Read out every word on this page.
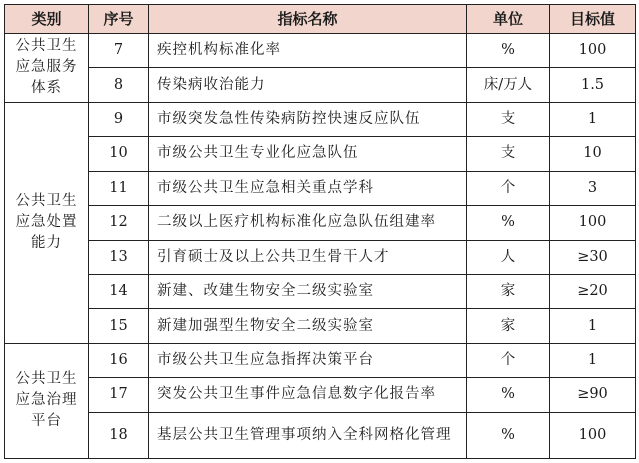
类别	序号	指标名称	单位	目标值
公共卫生应急服务体系	7	疾控机构标准化率	%	100
	8	传染病收治能力	床/万人	1.5
公共卫生应急处置能力	9	市级突发急性传染病防控快速反应队伍	支	1
	10	市级公共卫生专业化应急队伍	支	10
	11	市级公共卫生应急相关重点学科	个	3
	12	二级以上医疗机构标准化应急队伍组建率	%	100
	13	引育硕士及以上公共卫生骨干人才	人	≥30
	14	新建、改建生物安全二级实验室	家	≥20
	15	新建加强型生物安全二级实验室	家	1
公共卫生应急治理平台	16	市级公共卫生应急指挥决策平台	个	1
	17	突发公共卫生事件应急信息数字化报告率	%	≥90
	18	基层公共卫生管理事项纳入全科网格化管理	%	100
